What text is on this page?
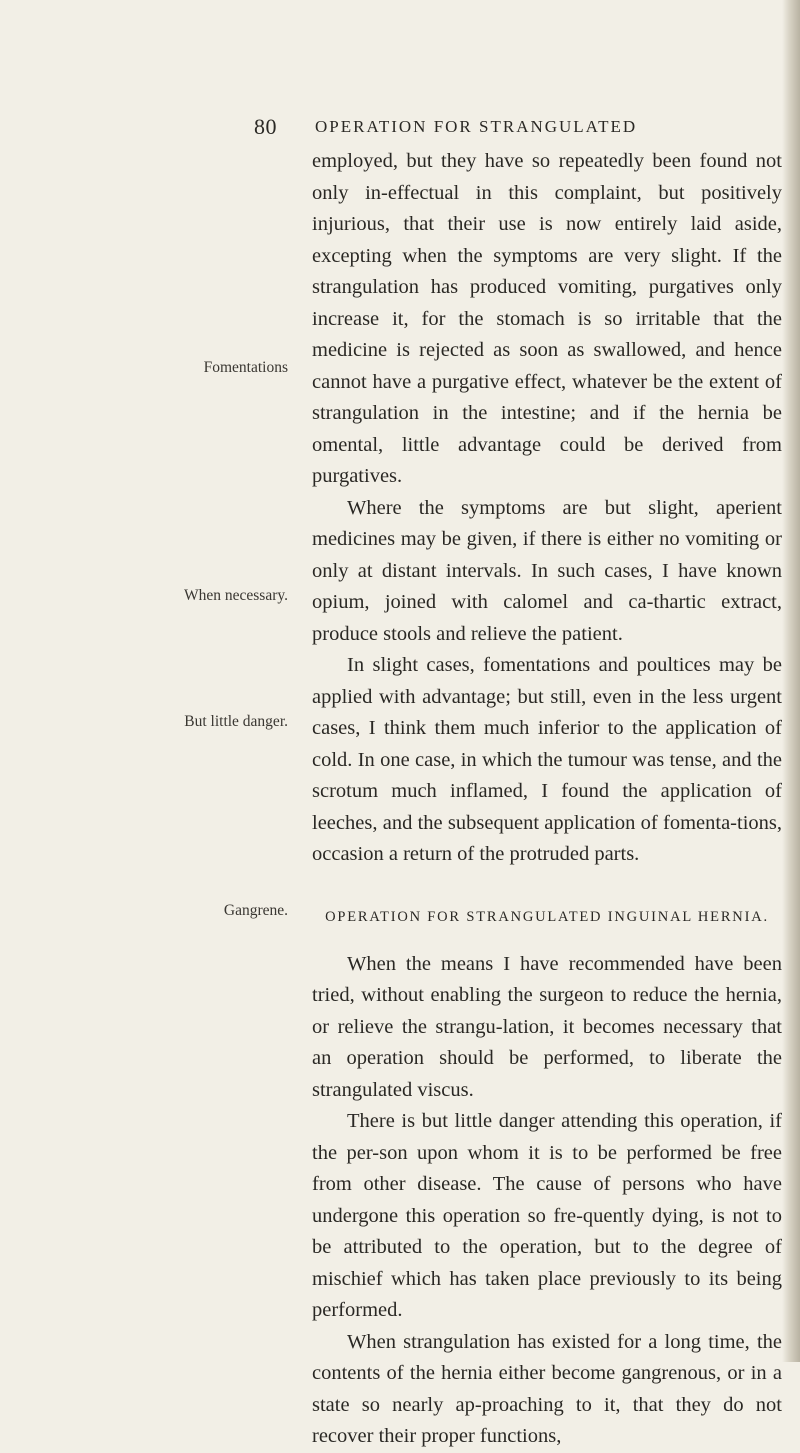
80 OPERATION FOR STRANGULATED
Fomentations
When necessary.
But little danger.
Gangrene.

employed, but they have so repeatedly been found not only in-effectual in this complaint, but positively injurious, that their use is now entirely laid aside, excepting when the symptoms are very slight. If the strangulation has produced vomiting, purgatives only increase it, for the stomach is so irritable that the medicine is rejected as soon as swallowed, and hence cannot have a purgative effect, whatever be the extent of strangulation in the intestine; and if the hernia be omental, little advantage could be derived from purgatives.

Where the symptoms are but slight, aperient medicines may be given, if there is either no vomiting or only at distant intervals. In such cases, I have known opium, joined with calomel and ca-thartic extract, produce stools and relieve the patient.

In slight cases, fomentations and poultices may be applied with advantage; but still, even in the less urgent cases, I think them much inferior to the application of cold. In one case, in which the tumour was tense, and the scrotum much inflamed, I found the application of leeches, and the subsequent application of fomenta-tions, occasion a return of the protruded parts.

OPERATION FOR STRANGULATED INGUINAL HERNIA.

When the means I have recommended have been tried, without enabling the surgeon to reduce the hernia, or relieve the strangu-lation, it becomes necessary that an operation should be performed, to liberate the strangulated viscus.

There is but little danger attending this operation, if the per-son upon whom it is to be performed be free from other disease. The cause of persons who have undergone this operation so fre-quently dying, is not to be attributed to the operation, but to the degree of mischief which has taken place previously to its being performed.

When strangulation has existed for a long time, the contents of the hernia either become gangrenous, or in a state so nearly ap-proaching to it, that they do not recover their proper functions,
